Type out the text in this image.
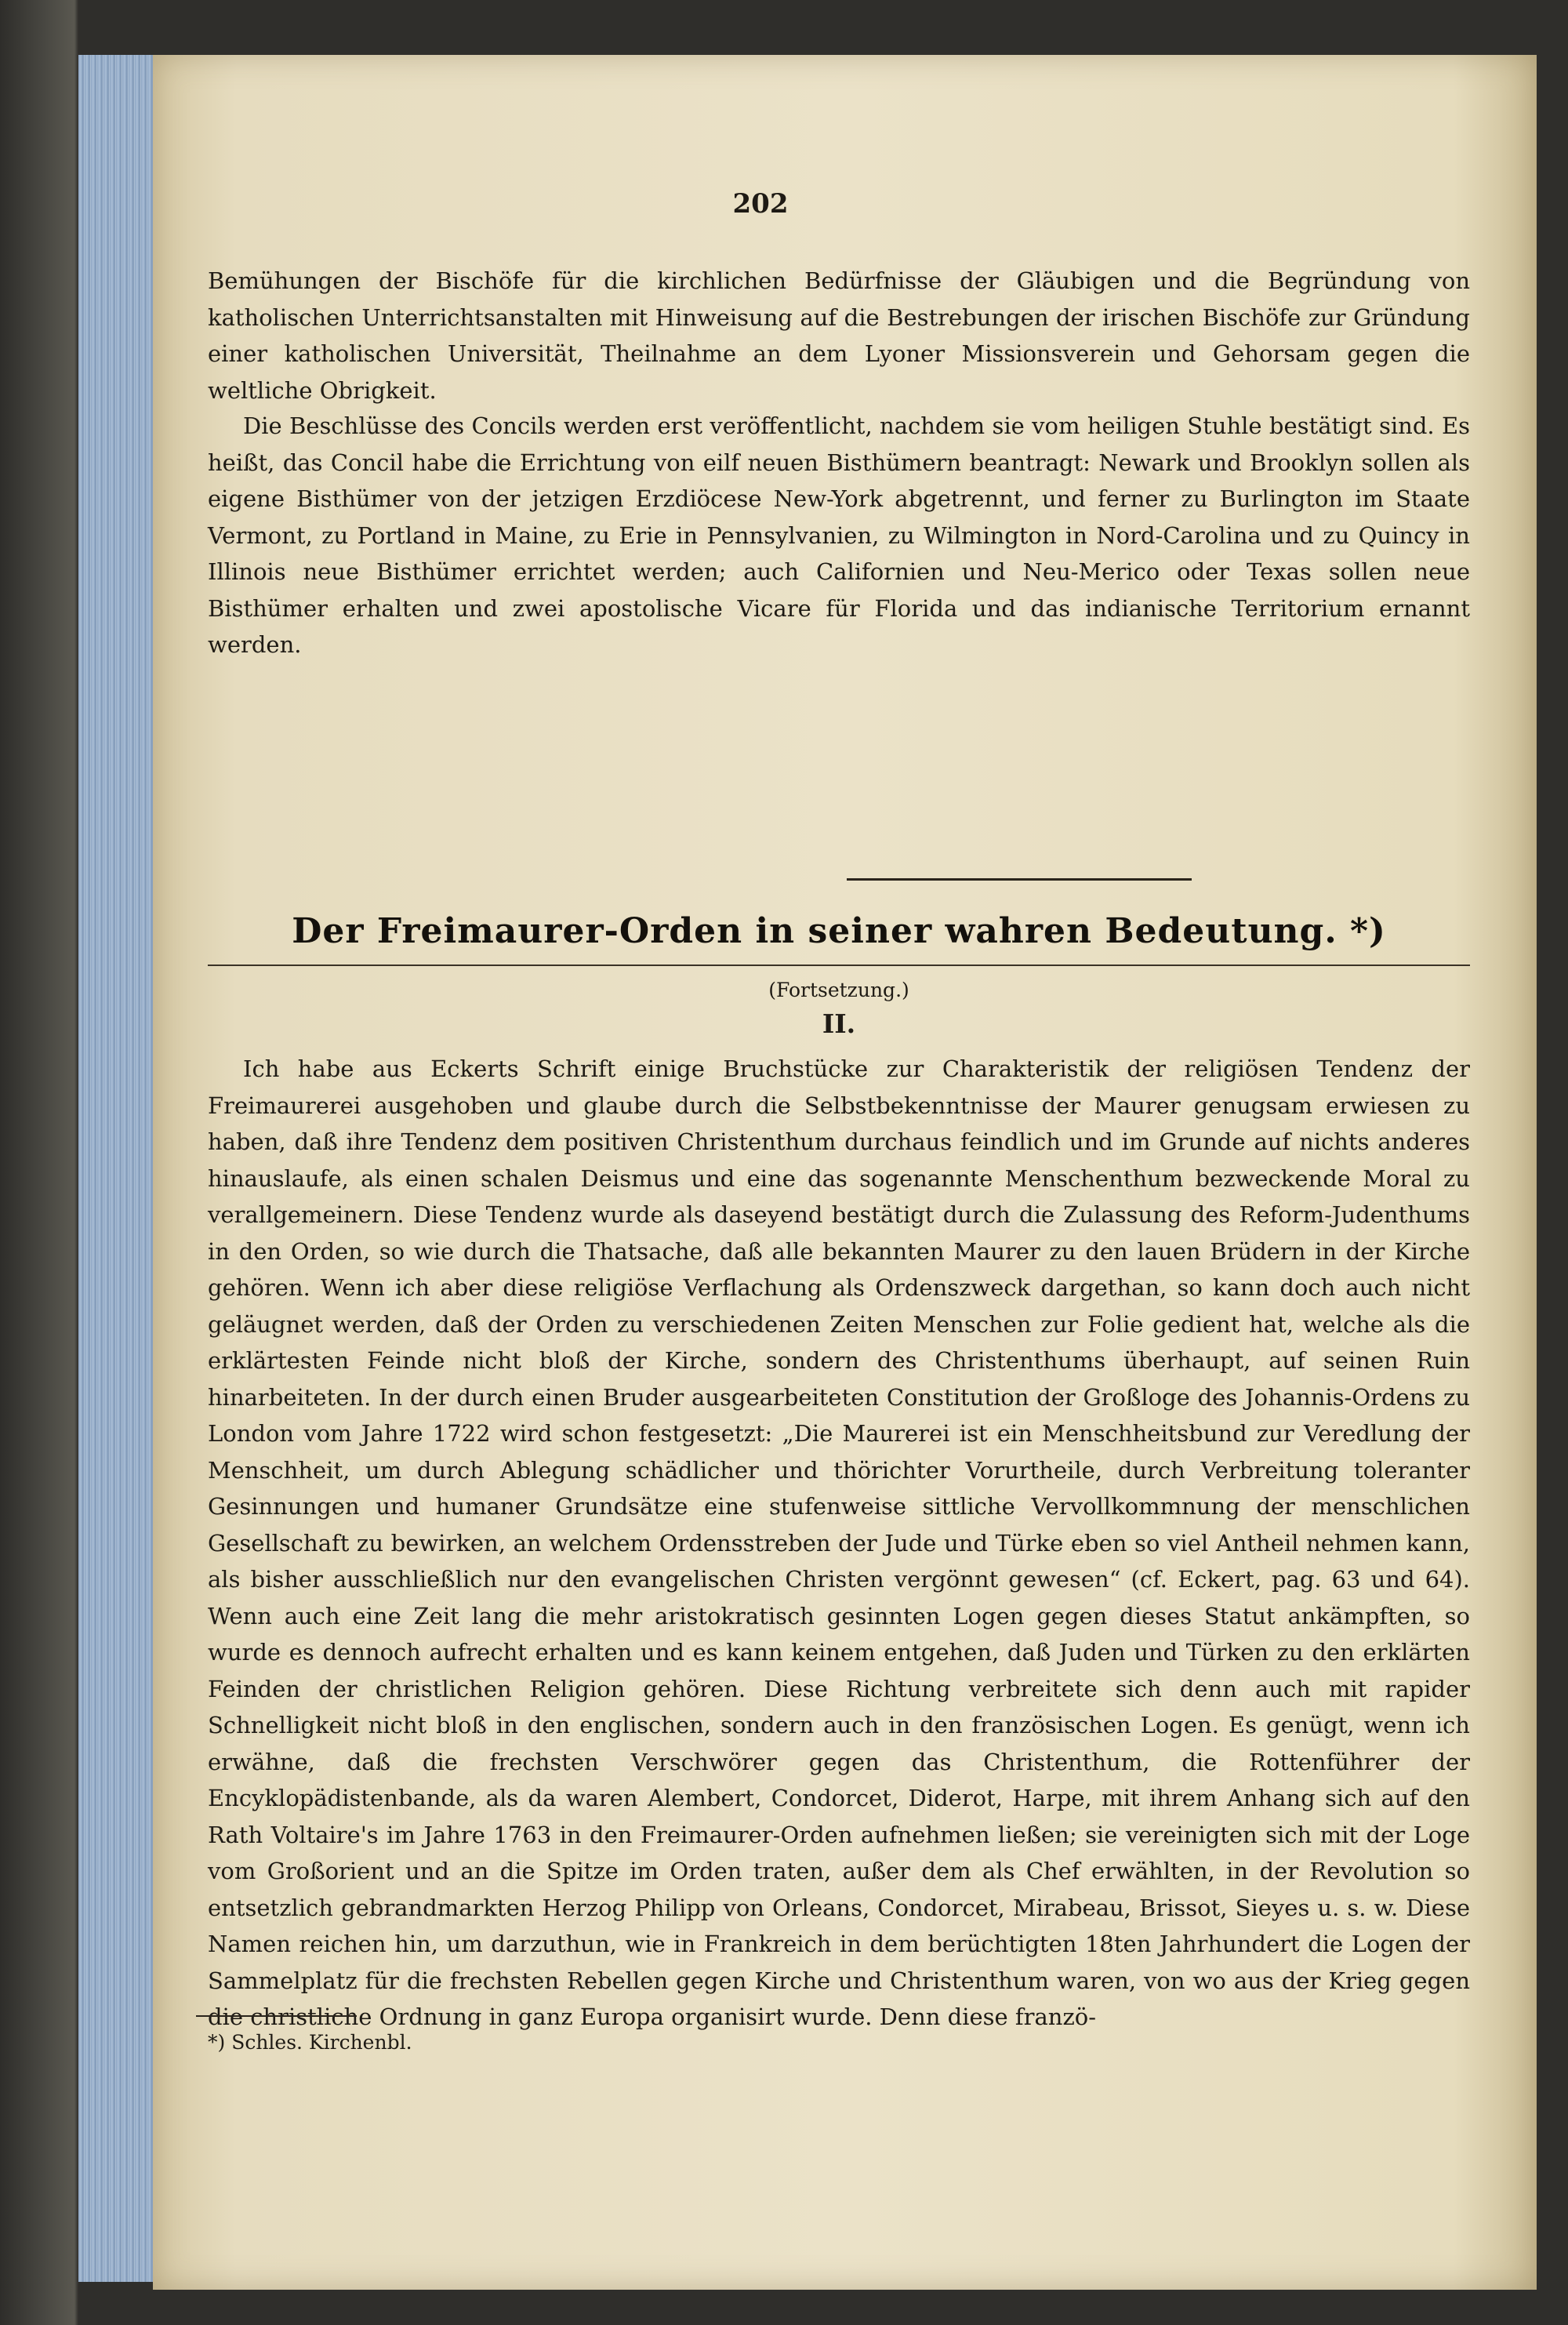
202

Bemühungen der Bischöfe für die kirchlichen Bedürfnisse der Gläubigen und die Begründung von katholischen Unterrichtsanstalten mit Hinweisung auf die Bestrebungen der irischen Bischöfe zur Gründung einer katholischen Universität, Theilnahme an dem Lyoner Missionsverein und Gehorsam gegen die weltliche Obrigkeit.

Die Beschlüsse des Concils werden erst veröffentlicht, nachdem sie vom heiligen Stuhle bestätigt sind. Es heißt, das Concil habe die Errichtung von eilf neuen Bisthümern beantragt: Newark und Brooklyn sollen als eigene Bisthümer von der jetzigen Erzdiöcese New-York abgetrennt, und ferner zu Burlington im Staate Vermont, zu Portland in Maine, zu Erie in Pennsylvanien, zu Wilmington in Nord-Carolina und zu Quincy in Illinois neue Bisthümer errichtet werden; auch Californien und Neu-Merico oder Texas sollen neue Bisthümer erhalten und zwei apostolische Vicare für Florida und das indianische Territorium ernannt werden.

Der Freimaurer-Orden in seiner wahren Bedeutung. *)
(Fortsetzung.)
II.

Ich habe aus Eckerts Schrift einige Bruchstücke zur Charakteristik der religiösen Tendenz der Freimaurerei ausgehoben und glaube durch die Selbstbekenntnisse der Maurer genugsam erwiesen zu haben, daß ihre Tendenz dem positiven Christenthum durchaus feindlich und im Grunde auf nichts anderes hinauslaufe, als einen schalen Deismus und eine das sogenannte Menschenthum bezweckende Moral zu verallgemeinern. Diese Tendenz wurde als daseyend bestätigt durch die Zulassung des Reform-Judenthums in den Orden, so wie durch die Thatsache, daß alle bekannten Maurer zu den lauen Brüdern in der Kirche gehören. Wenn ich aber diese religiöse Verflachung als Ordenszweck dargethan, so kann doch auch nicht geläugnet werden, daß der Orden zu verschiedenen Zeiten Menschen zur Folie gedient hat, welche als die erklärtesten Feinde nicht bloß der Kirche, sondern des Christenthums überhaupt, auf seinen Ruin hinarbeiteten. In der durch einen Bruder ausgearbeiteten Constitution der Großloge des Johannis-Ordens zu London vom Jahre 1722 wird schon festgesetzt: „Die Maurerei ist ein Menschheitsbund zur Veredlung der Menschheit, um durch Ablegung schädlicher und thörichter Vorurtheile, durch Verbreitung toleranter Gesinnungen und humaner Grundsätze eine stufenweise sittliche Vervollkommnung der menschlichen Gesellschaft zu bewirken, an welchem Ordensstreben der Jude und Türke eben so viel Antheil nehmen kann, als bisher ausschließlich nur den evangelischen Christen vergönnt gewesen“ (cf. Eckert, pag. 63 und 64). Wenn auch eine Zeit lang die mehr aristokratisch gesinnten Logen gegen dieses Statut ankämpften, so wurde es dennoch aufrecht erhalten und es kann keinem entgehen, daß Juden und Türken zu den erklärten Feinden der christlichen Religion gehören. Diese Richtung verbreitete sich denn auch mit rapider Schnelligkeit nicht bloß in den englischen, sondern auch in den französischen Logen. Es genügt, wenn ich erwähne, daß die frechsten Verschwörer gegen das Christenthum, die Rottenführer der Encyklopädistenbande, als da waren Alembert, Condorcet, Diderot, Harpe, mit ihrem Anhang sich auf den Rath Voltaire's im Jahre 1763 in den Freimaurer-Orden aufnehmen ließen; sie vereinigten sich mit der Loge vom Großorient und an die Spitze im Orden traten, außer dem als Chef erwählten, in der Revolution so entsetzlich gebrandmarkten Herzog Philipp von Orleans, Condorcet, Mirabeau, Brissot, Sieyes u. s. w. Diese Namen reichen hin, um darzuthun, wie in Frankreich in dem berüchtigten 18ten Jahrhundert die Logen der Sammelplatz für die frechsten Rebellen gegen Kirche und Christenthum waren, von wo aus der Krieg gegen die christliche Ordnung in ganz Europa organisirt wurde. Denn diese franzö-

*) Schles. Kirchenbl.
